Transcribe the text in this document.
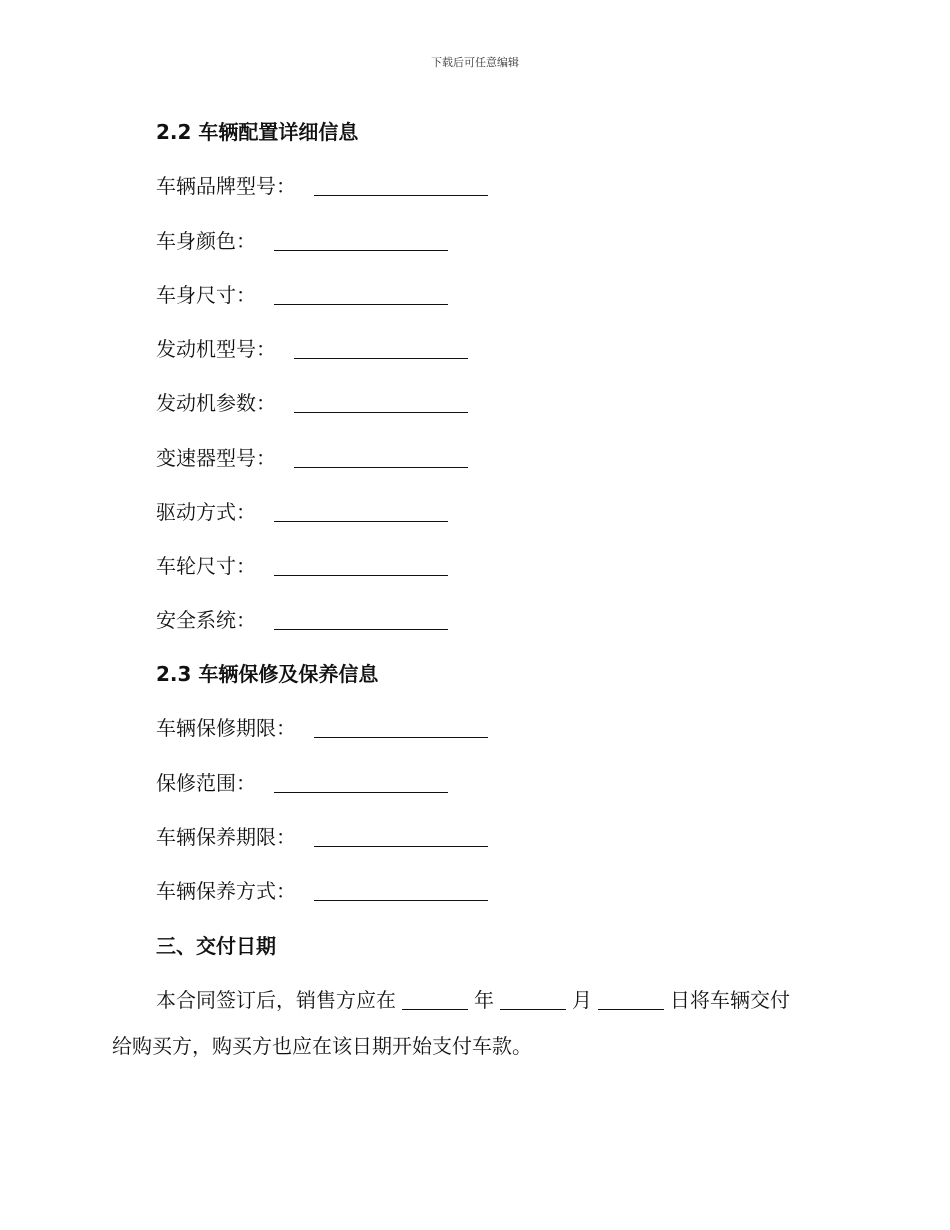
下载后可任意编辑
2.2 车辆配置详细信息
车辆品牌型号：
车身颜色：
车身尺寸：
发动机型号：
发动机参数：
变速器型号：
驱动方式：
车轮尺寸：
安全系统：
2.3 车辆保修及保养信息
车辆保修期限：
保修范围：
车辆保养期限：
车辆保养方式：
三、交付日期
本合同签订后，销售方应在	年	月	日将车辆交付
给购买方，购买方也应在该日期开始支付车款。
